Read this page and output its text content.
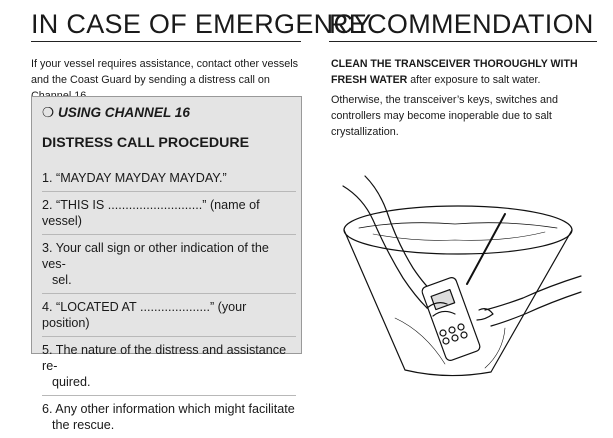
IN CASE OF EMERGENCY

If your vessel requires assistance, contact other vessels and the Coast Guard by sending a distress call on

❍ USING CHANNEL 16
DISTRESS CALL PROCEDURE
1. “MAYDAY MAYDAY MAYDAY.”
2. “THIS IS ...........................” (name of vessel)
3. Your call sign or other indication of the ves-
sel.
4. “LOCATED AT ....................” (your position)
5. The nature of the distress and assistance re-
quired.
6. Any other information which might facilitate
the rescue.
RECOMMENDATION

CLEAN THE TRANSCEIVER THOROUGHLY WITH FRESH WATER after exposure to salt water.

Otherwise, the transceiver’s keys, switches and controllers may become inoperable due to salt crystallization.
